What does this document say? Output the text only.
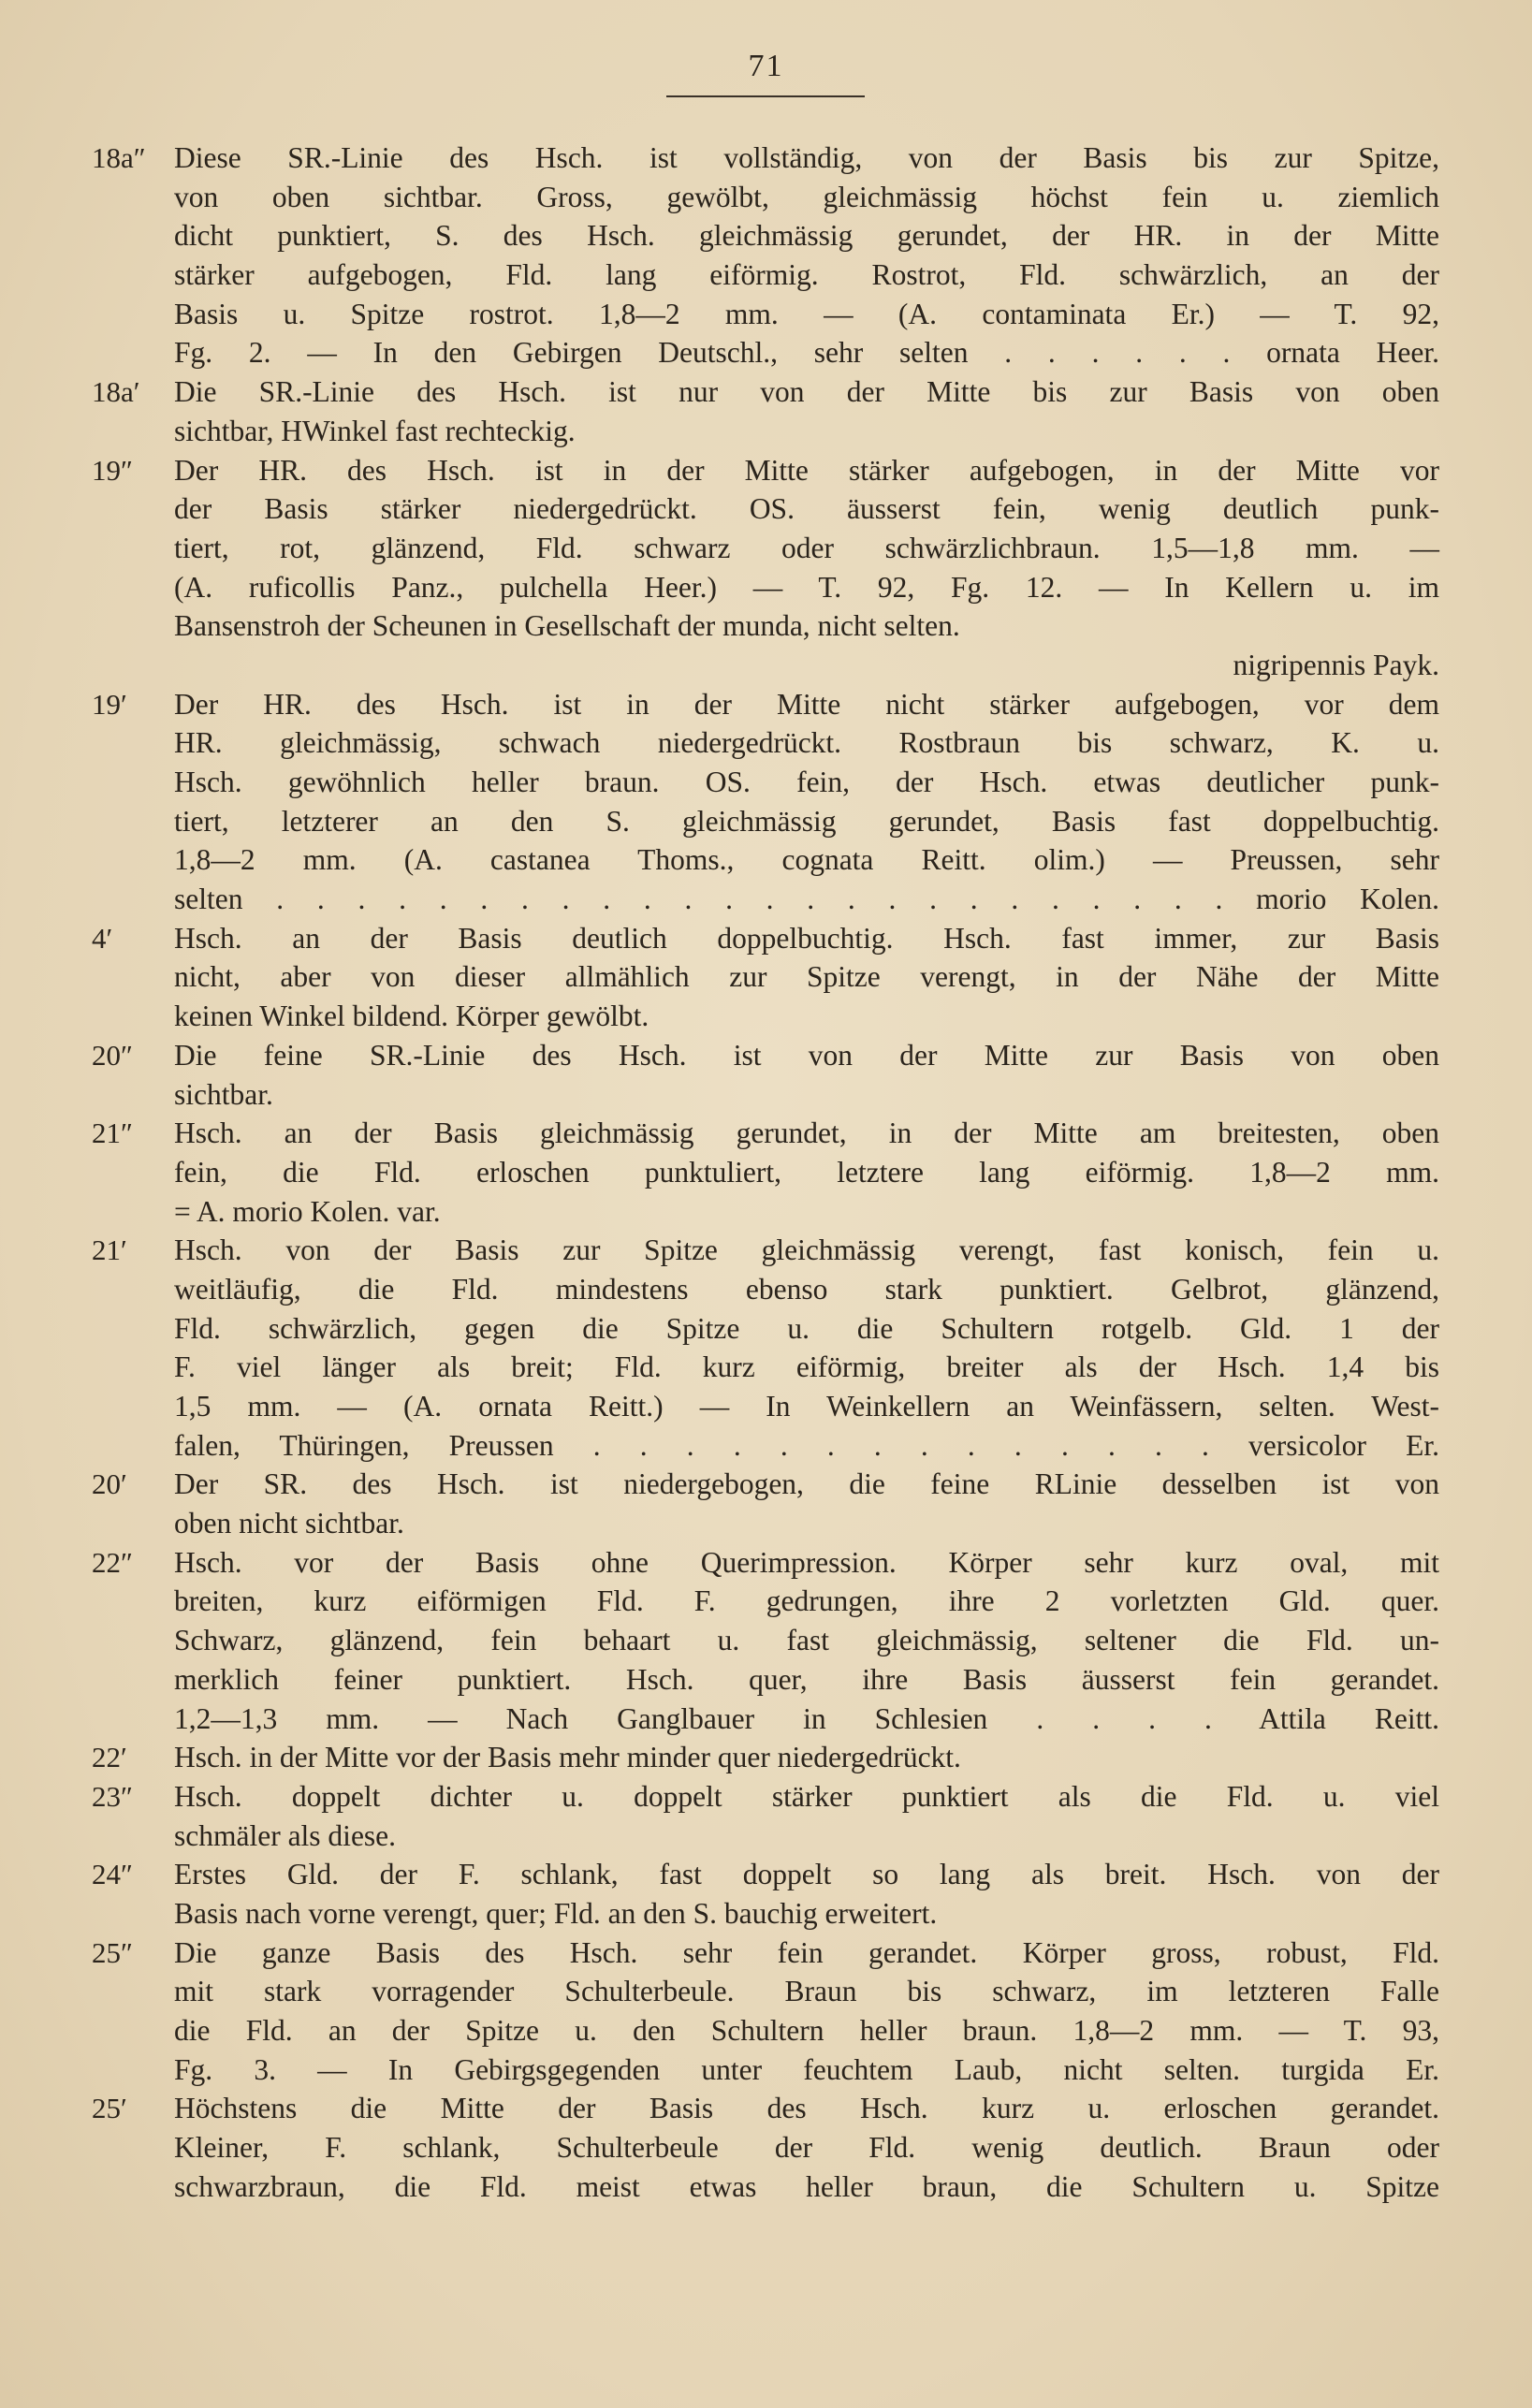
71
18a″ Diese SR.-Linie des Hsch. ist vollständig, von der Basis bis zur Spitze,
von oben sichtbar. Gross, gewölbt, gleichmässig höchst fein u. ziemlich
dicht punktiert, S. des Hsch. gleichmässig gerundet, der HR. in der Mitte
stärker aufgebogen, Fld. lang eiförmig. Rostrot, Fld. schwärzlich, an der
Basis u. Spitze rostrot. 1,8—2 mm. — (A. contaminata Er.) — T. 92,
Fg. 2. — In den Gebirgen Deutschl., sehr selten . . . . . . ornata Heer.
18a′	Die SR.-Linie des Hsch. ist nur von der Mitte bis zur Basis von oben
sichtbar, HWinkel fast rechteckig.
19″	Der HR. des Hsch. ist in der Mitte stärker aufgebogen, in der Mitte vor
der Basis stärker niedergedrückt. OS. äusserst fein, wenig deutlich punk-
tiert, rot, glänzend, Fld. schwarz oder schwärzlichbraun. 1,5—1,8 mm. —
(A. ruficollis Panz., pulchella Heer.) — T. 92, Fg. 12. — In Kellern u. im
Bansenstroh der Scheunen in Gesellschaft der munda, nicht selten.
nigripennis Payk.
19′	Der HR. des Hsch. ist in der Mitte nicht stärker aufgebogen, vor dem
HR. gleichmässig, schwach niedergedrückt. Rostbraun bis schwarz, K. u.
Hsch. gewöhnlich heller braun. OS. fein, der Hsch. etwas deutlicher punk-
tiert, letzterer an den S. gleichmässig gerundet, Basis fast doppelbuchtig.
1,8—2 mm. (A. castanea Thoms., cognata Reitt. olim.) — Preussen, sehr
selten . . . . . . . . . . . . . . . . . . . . . . . . morio Kolen.
4′	Hsch. an der Basis deutlich doppelbuchtig. Hsch. fast immer, zur Basis
nicht, aber von dieser allmählich zur Spitze verengt, in der Nähe der Mitte
keinen Winkel bildend. Körper gewölbt.
20″	Die feine SR.-Linie des Hsch. ist von der Mitte zur Basis von oben
sichtbar.
21″	Hsch. an der Basis gleichmässig gerundet, in der Mitte am breitesten, oben
fein, die Fld. erloschen punktuliert, letztere lang eiförmig. 1,8—2 mm.
= A. morio Kolen. var.
21′	Hsch. von der Basis zur Spitze gleichmässig verengt, fast konisch, fein u.
weitläufig, die Fld. mindestens ebenso stark punktiert. Gelbrot, glänzend,
Fld. schwärzlich, gegen die Spitze u. die Schultern rotgelb. Gld. 1 der
F. viel länger als breit; Fld. kurz eiförmig, breiter als der Hsch. 1,4 bis
1,5 mm. — (A. ornata Reitt.) — In Weinkellern an Weinfässern, selten. West-
falen, Thüringen, Preussen . . . . . . . . . . . . . . versicolor Er.
20′	Der SR. des Hsch. ist niedergebogen, die feine RLinie desselben ist von
oben nicht sichtbar.
22″	Hsch. vor der Basis ohne Querimpression. Körper sehr kurz oval, mit
breiten, kurz eiförmigen Fld. F. gedrungen, ihre 2 vorletzten Gld. quer.
Schwarz, glänzend, fein behaart u. fast gleichmässig, seltener die Fld. un-
merklich feiner punktiert. Hsch. quer, ihre Basis äusserst fein gerandet.
1,2—1,3 mm. — Nach Ganglbauer in Schlesien . . . . Attila Reitt.
22′	Hsch. in der Mitte vor der Basis mehr minder quer niedergedrückt.
23″	Hsch. doppelt dichter u. doppelt stärker punktiert als die Fld. u. viel
schmäler als diese.
24″	Erstes Gld. der F. schlank, fast doppelt so lang als breit. Hsch. von der
Basis nach vorne verengt, quer; Fld. an den S. bauchig erweitert.
25″	Die ganze Basis des Hsch. sehr fein gerandet. Körper gross, robust, Fld.
mit stark vorragender Schulterbeule. Braun bis schwarz, im letzteren Falle
die Fld. an der Spitze u. den Schultern heller braun. 1,8—2 mm. — T. 93,
Fg. 3. — In Gebirgsgegenden unter feuchtem Laub, nicht selten. turgida Er.
25′	Höchstens die Mitte der Basis des Hsch. kurz u. erloschen gerandet.
Kleiner, F. schlank, Schulterbeule der Fld. wenig deutlich. Braun oder
schwarzbraun, die Fld. meist etwas heller braun, die Schultern u. Spitze
